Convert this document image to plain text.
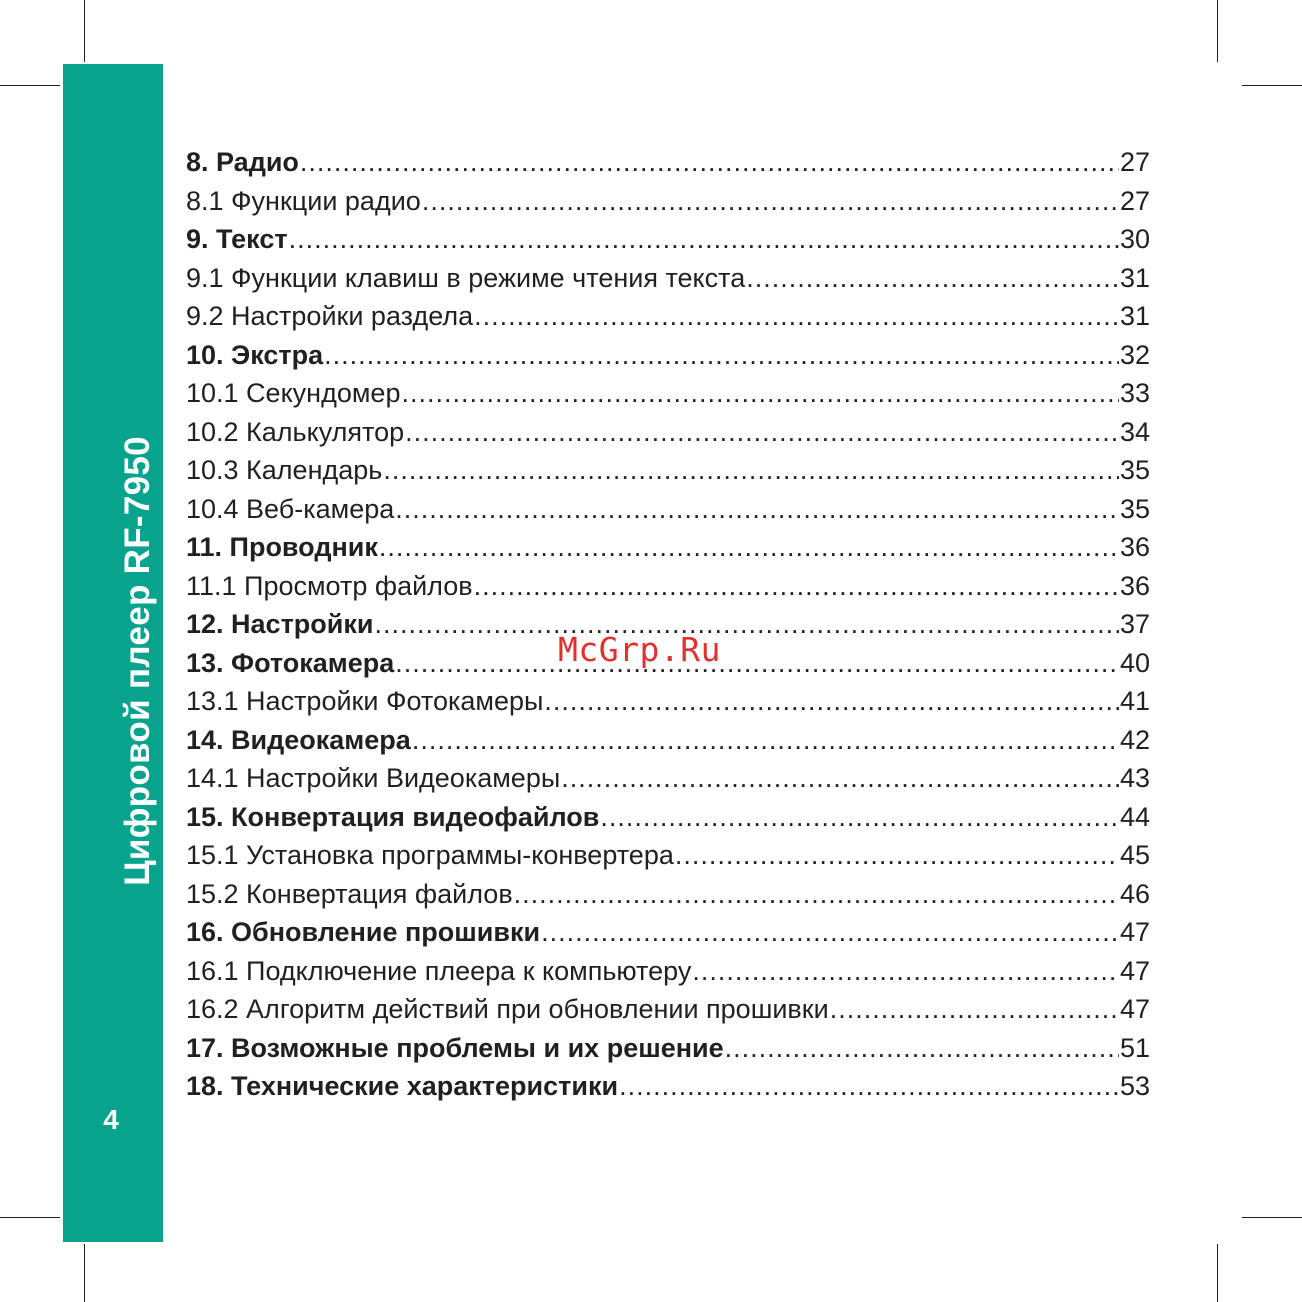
Цифровой плеер RF-7950
4
8. Радио .....	27
8.1 Функции радио .....	27
9. Текст .....	30
9.1 Функции клавиш в режиме чтения текста .....	31
9.2 Настройки раздела .....	31
10. Экстра .....	32
10.1 Секундомер .....	33
10.2 Калькулятор .....	34
10.3 Календарь .....	35
10.4 Веб-камера .....	35
11. Проводник .....	36
11.1 Просмотр файлов .....	36
12. Настройки .....	37
13. Фотокамера .....	40
13.1 Настройки Фотокамеры .....	41
14. Видеокамера .....	42
14.1 Настройки Видеокамеры .....	43
15. Конвертация видеофайлов .....	44
15.1 Установка программы-конвертера .....	45
15.2 Конвертация файлов .....	46
16. Обновление прошивки .....	47
16.1 Подключение плеера к компьютеру .....	47
16.2 Алгоритм действий при обновлении прошивки .....	47
17. Возможные проблемы и их решение .....	51
18. Технические характеристики .....	53
McGrp.Ru
